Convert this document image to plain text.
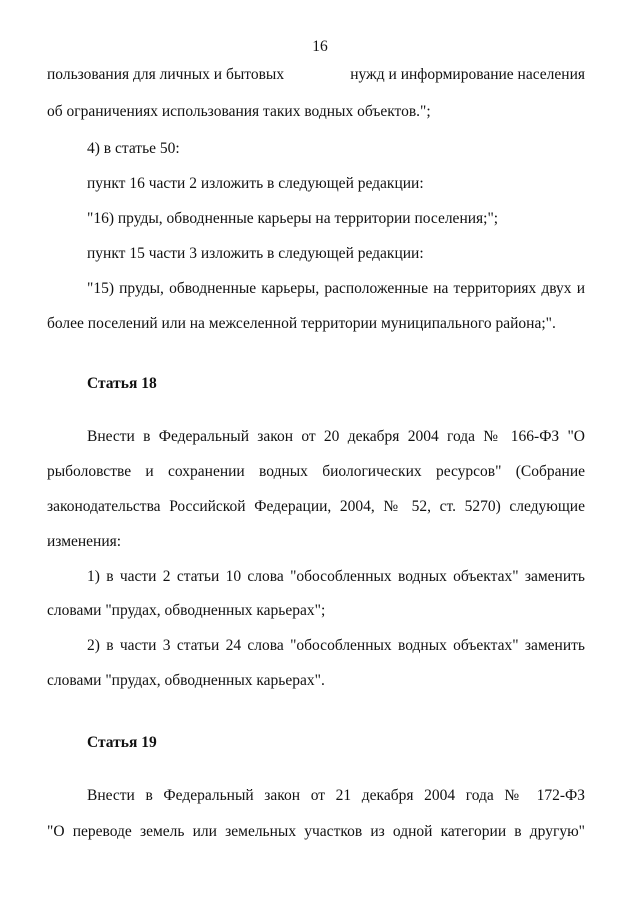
16
пользования для личных и бытовых	нужд и информирование населения
об ограничениях использования таких водных объектов.";
4) в статье 50:
пункт 16 части 2 изложить в следующей редакции:
"16) пруды, обводненные карьеры на территории поселения;";
пункт 15 части 3 изложить в следующей редакции:
"15) пруды, обводненные карьеры, расположенные на территориях двух и
более поселений или на межселенной территории муниципального района;".
Статья 18
Внести в Федеральный закон от 20 декабря 2004 года № 166-ФЗ "О
рыболовстве и сохранении водных биологических ресурсов" (Собрание
законодательства Российской Федерации, 2004, № 52, ст. 5270) следующие
изменения:
1) в части 2 статьи 10 слова "обособленных водных объектах" заменить
словами "прудах, обводненных карьерах";
2) в части 3 статьи 24 слова "обособленных водных объектах" заменить
словами "прудах, обводненных карьерах".
Статья 19
Внести в Федеральный закон от 21 декабря 2004 года № 172-ФЗ
"О переводе земель или земельных участков из одной категории в другую"
